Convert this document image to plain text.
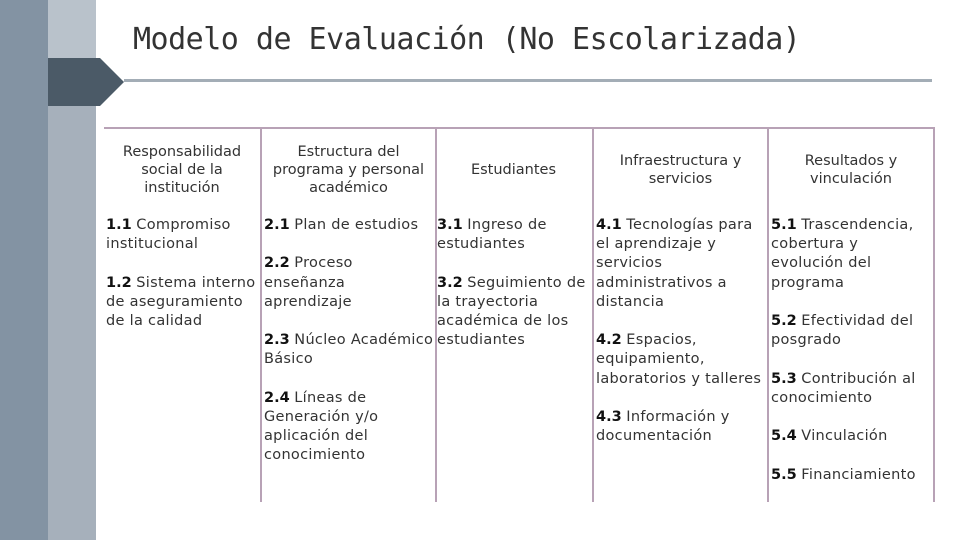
Modelo de Evaluación (No Escolarizada)
Responsabilidad social de la institución
1.1 Compromiso institucional
1.2 Sistema interno de aseguramiento de la calidad
Estructura del programa y personal académico
2.1 Plan de estudios
2.2 Proceso enseñanza aprendizaje
2.3 Núcleo Académico Básico
2.4 Líneas de Generación y/o aplicación del conocimiento
Estudiantes
3.1 Ingreso de estudiantes
3.2 Seguimiento de la trayectoria académica de los estudiantes
Infraestructura y servicios
4.1 Tecnologías para el aprendizaje y servicios administrativos a distancia
4.2 Espacios, equipamiento, laboratorios y talleres
4.3 Información y documentación
Resultados y vinculación
5.1 Trascendencia, cobertura y evolución del programa
5.2 Efectividad del posgrado
5.3 Contribución al conocimiento
5.4 Vinculación
5.5 Financiamiento
